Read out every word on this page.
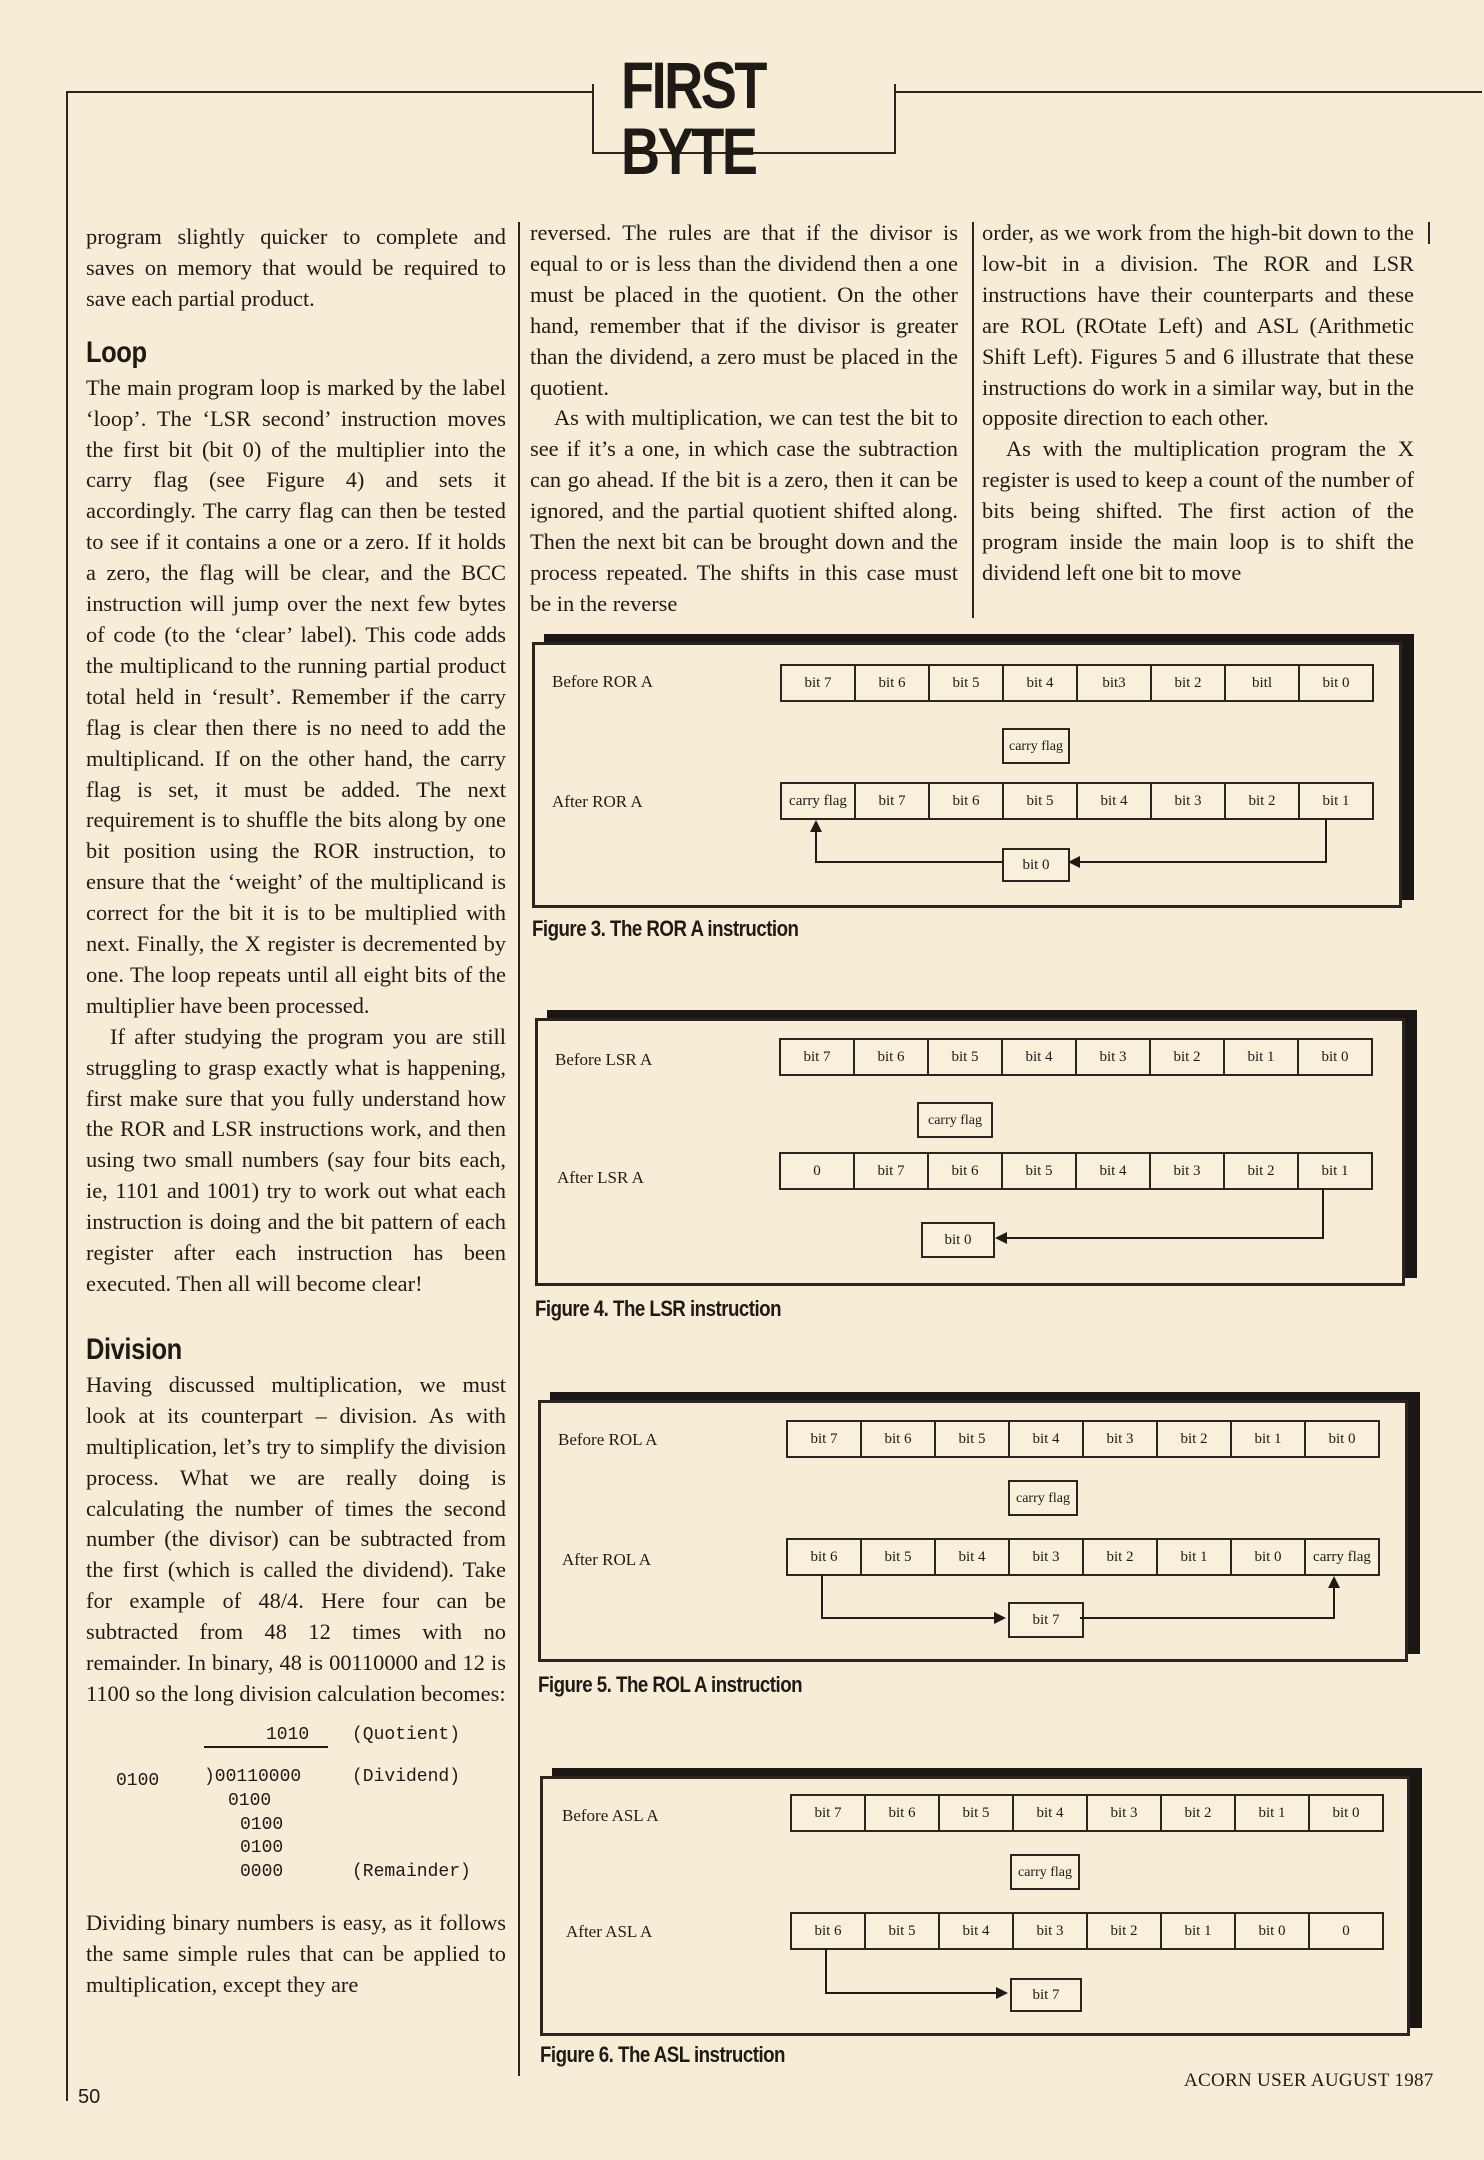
FIRST BYTE

program slightly quicker to complete and saves on memory that would be required to save each partial product.

Loop

The main program loop is marked by the label ‘loop’. The ‘LSR second’ instruction moves the first bit (bit 0) of the multiplier into the carry flag (see Figure 4) and sets it accordingly. The carry flag can then be tested to see if it contains a one or a zero. If it holds a zero, the flag will be clear, and the BCC instruction will jump over the next few bytes of code (to the ‘clear’ label). This code adds the multiplicand to the running partial product total held in ‘result’. Remember if the carry flag is clear then there is no need to add the multiplicand. If on the other hand, the carry flag is set, it must be added. The next requirement is to shuffle the bits along by one bit position using the ROR instruction, to ensure that the ‘weight’ of the multiplicand is correct for the bit it is to be multiplied with next. Finally, the X register is decremented by one. The loop repeats until all eight bits of the multiplier have been processed.

If after studying the program you are still struggling to grasp exactly what is happening, first make sure that you fully understand how the ROR and LSR instructions work, and then using two small numbers (say four bits each, ie, 1101 and 1001) try to work out what each instruction is doing and the bit pattern of each register after each instruction has been executed. Then all will become clear!

Division

Having discussed multiplication, we must look at its counterpart – division. As with multiplication, let’s try to simplify the division process. What we are really doing is calculating the number of times the second number (the divisor) can be subtracted from the first (which is called the dividend). Take for example of 48/4. Here four can be subtracted from 48 12 times with no remainder. In binary, 48 is 00110000 and 12 is 1100 so the long division calculation becomes:

1010 (Quotient)
0100 )00110000	(Dividend)
0100
0100
0100
0000	(Remainder)

Dividing binary numbers is easy, as it follows the same simple rules that can be applied to multiplication, except they are

reversed. The rules are that if the divisor is equal to or is less than the dividend then a one must be placed in the quotient. On the other hand, remember that if the divisor is greater than the dividend, a zero must be placed in the quotient.

As with multiplication, we can test the bit to see if it’s a one, in which case the subtraction can go ahead. If the bit is a zero, then it can be ignored, and the partial quotient shifted along. Then the next bit can be brought down and the process repeated. The shifts in this case must be in the reverse

order, as we work from the high-bit down to the low-bit in a division. The ROR and LSR instructions have their counterparts and these are ROL (ROtate Left) and ASL (Arithmetic Shift Left). Figures 5 and 6 illustrate that these instructions do work in a similar way, but in the opposite direction to each other.

As with the multiplication program the X register is used to keep a count of the number of bits being shifted. The first action of the program inside the main loop is to shift the dividend left one bit to move

Before ROR A	bit 7	bit 6	bit 5	bit 4	bit3	bit 2	bitl	bit 0
carry flag
After ROR A	carry flag	bit 7	bit 6	bit 5	bit 4	bit 3	bit 2	bit 1
bit 0
Figure 3. The ROR A instruction
Before LSR A	bit 7	bit 6	bit 5	bit 4	bit 3	bit 2	bit 1	bit 0
carry flag
After LSR A	0	bit 7	bit 6	bit 5	bit 4	bit 3	bit 2	bit 1
bit 0
Figure 4. The LSR instruction
Before ROL A	bit 7	bit 6	bit 5	bit 4	bit 3	bit 2	bit 1	bit 0
carry flag
After ROL A	bit 6	bit 5	bit 4	bit 3	bit 2	bit 1	bit 0	carry flag
bit 7
Figure 5. The ROL A instruction
Before ASL A	bit 7	bit 6	bit 5	bit 4	bit 3	bit 2	bit 1	bit 0
carry flag
After ASL A	bit 6	bit 5	bit 4	bit 3	bit 2	bit 1	bit 0	0
bit 7
Figure 6. The ASL instruction
50
ACORN USER AUGUST 1987
